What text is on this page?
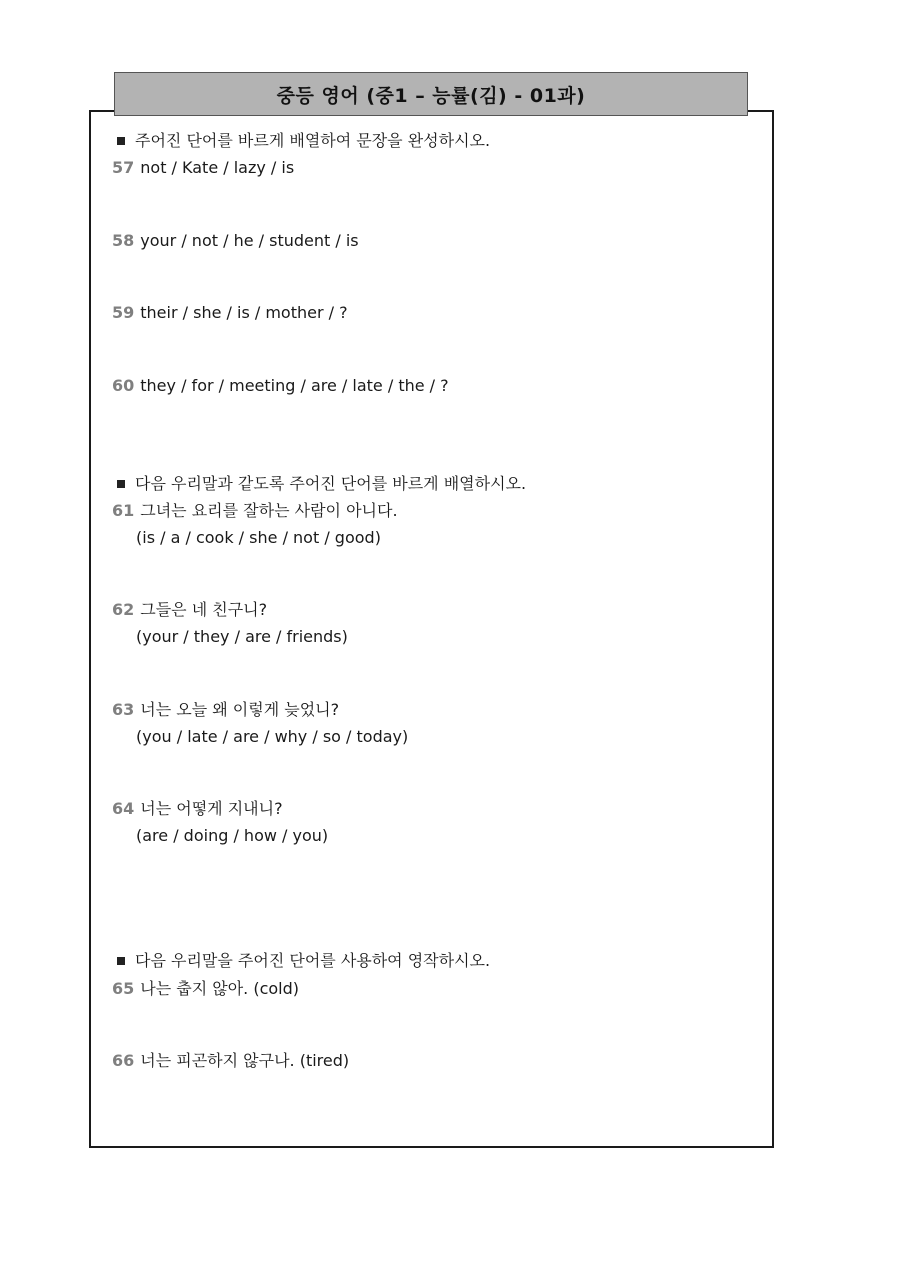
중등 영어 (중1 – 능률(김) - 01과)
주어진 단어를 바르게 배열하여 문장을 완성하시오.
57 not / Kate / lazy / is
58 your / not / he / student / is
59 their / she / is / mother / ?
60 they / for / meeting / are / late / the / ?
다음 우리말과 같도록 주어진 단어를 바르게 배열하시오.
61 그녀는 요리를 잘하는 사람이 아니다.
(is / a / cook / she / not / good)
62 그들은 네 친구니?
(your / they / are / friends)
63 너는 오늘 왜 이렇게 늦었니?
(you / late / are / why / so / today)
64 너는 어떻게 지내니?
(are / doing / how / you)
다음 우리말을 주어진 단어를 사용하여 영작하시오.
65 나는 춥지 않아. (cold)
66 너는 피곤하지 않구나. (tired)
